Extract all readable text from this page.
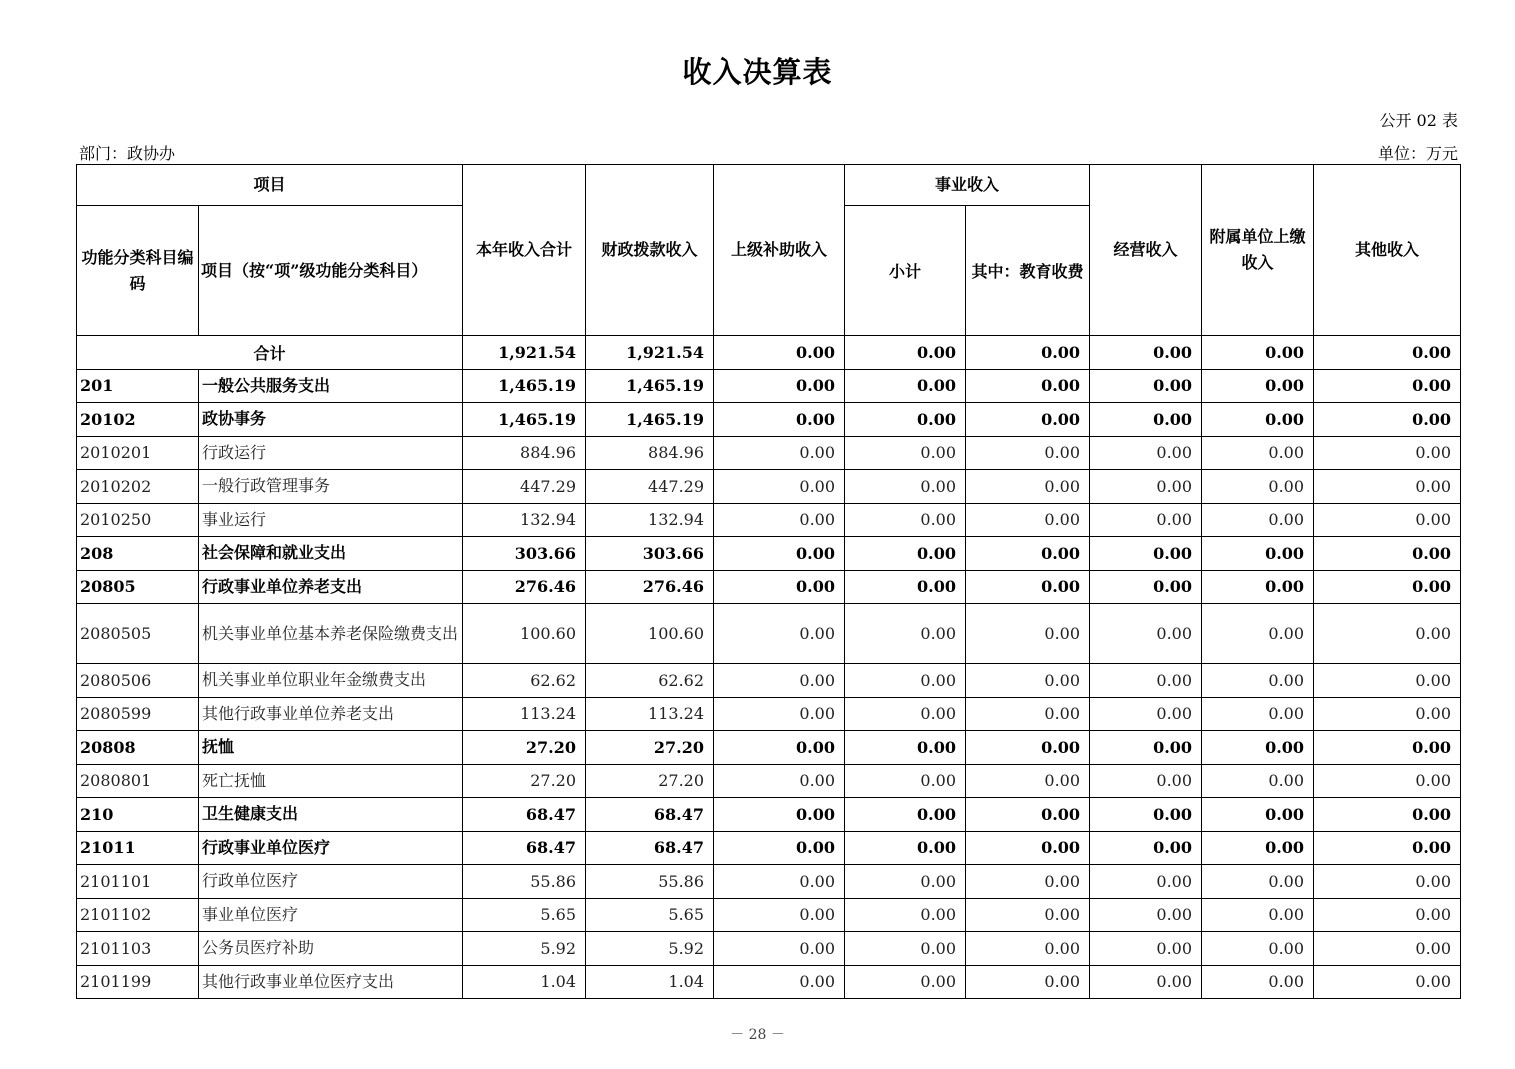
收入决算表
公开 02 表
部门：政协办	单位：万元
项目		本年收入合计	财政拨款收入	上级补助收入	事业收入		经营收入	附属单位上缴收入	其他收入
功能分类科目编码	项目（按“项”级功能分类科目）				小计	其中：教育收费			
合计		1,921.54	1,921.54	0.00	0.00	0.00	0.00	0.00	0.00
201	一般公共服务支出	1,465.19	1,465.19	0.00	0.00	0.00	0.00	0.00	0.00
20102	政协事务	1,465.19	1,465.19	0.00	0.00	0.00	0.00	0.00	0.00
2010201	行政运行	884.96	884.96	0.00	0.00	0.00	0.00	0.00	0.00
2010202	一般行政管理事务	447.29	447.29	0.00	0.00	0.00	0.00	0.00	0.00
2010250	事业运行	132.94	132.94	0.00	0.00	0.00	0.00	0.00	0.00
208	社会保障和就业支出	303.66	303.66	0.00	0.00	0.00	0.00	0.00	0.00
20805	行政事业单位养老支出	276.46	276.46	0.00	0.00	0.00	0.00	0.00	0.00
2080505	机关事业单位基本养老保险缴费支出	100.60	100.60	0.00	0.00	0.00	0.00	0.00	0.00
2080506	机关事业单位职业年金缴费支出	62.62	62.62	0.00	0.00	0.00	0.00	0.00	0.00
2080599	其他行政事业单位养老支出	113.24	113.24	0.00	0.00	0.00	0.00	0.00	0.00
20808	抚恤	27.20	27.20	0.00	0.00	0.00	0.00	0.00	0.00
2080801	死亡抚恤	27.20	27.20	0.00	0.00	0.00	0.00	0.00	0.00
210	卫生健康支出	68.47	68.47	0.00	0.00	0.00	0.00	0.00	0.00
21011	行政事业单位医疗	68.47	68.47	0.00	0.00	0.00	0.00	0.00	0.00
2101101	行政单位医疗	55.86	55.86	0.00	0.00	0.00	0.00	0.00	0.00
2101102	事业单位医疗	5.65	5.65	0.00	0.00	0.00	0.00	0.00	0.00
2101103	公务员医疗补助	5.92	5.92	0.00	0.00	0.00	0.00	0.00	0.00
2101199	其他行政事业单位医疗支出	1.04	1.04	0.00	0.00	0.00	0.00	0.00	0.00
－ 28 －
